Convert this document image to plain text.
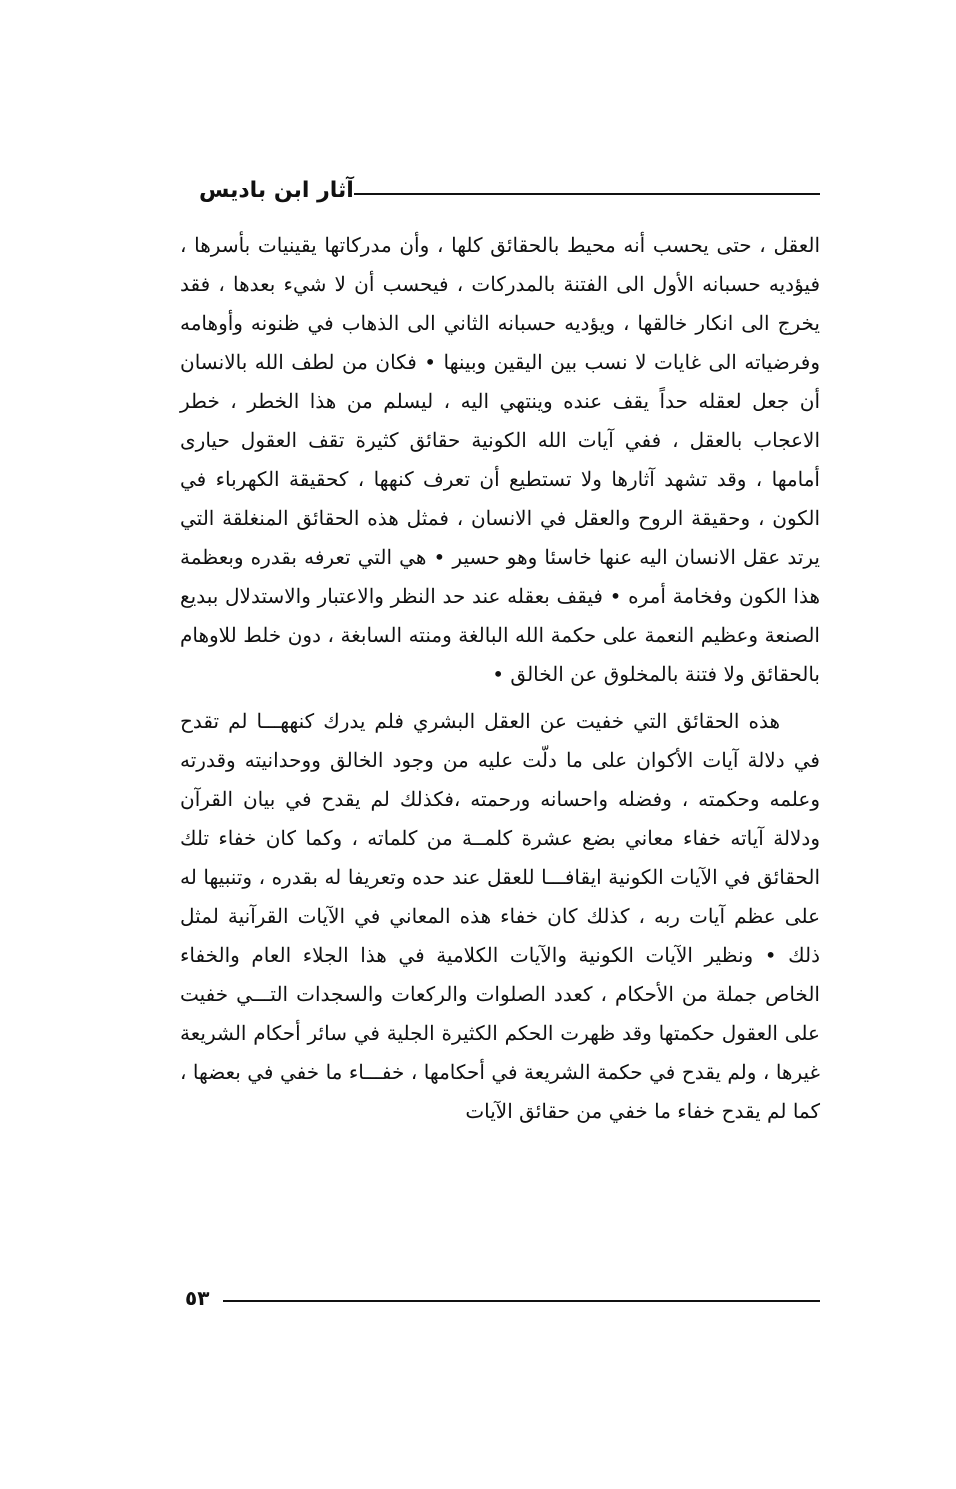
آثار ابن باديس

العقل ، حتى يحسب أنه محيط بالحقائق كلها ، وأن مدركاتها يقينيات بأسرها ، فيؤديه حسبانه الأول الى الفتنة بالمدركات ، فيحسب أن لا شيء بعدها ، فقد يخرج الى انكار خالقها ، ويؤديه حسبانه الثاني الى الذهاب في ظنونه وأوهامه وفرضياته الى غايات لا نسب بين اليقين وبينها • فكان من لطف الله بالانسان أن جعل لعقله حداً يقف عنده وينتهي اليه ، ليسلم من هذا الخطر ، خطر الاعجاب بالعقل ، ففي آيات الله الكونية حقائق كثيرة تقف العقول حيارى أمامها ، وقد تشهد آثارها ولا تستطيع أن تعرف كنهها ، كحقيقة الكهرباء في الكون ، وحقيقة الروح والعقل في الانسان ، فمثل هذه الحقائق المنغلقة التي يرتد عقل الانسان اليه عنها خاسئا وهو حسير • هي التي تعرفه بقدره وبعظمة هذا الكون وفخامة أمره • فيقف بعقله عند حد النظر والاعتبار والاستدلال ببديع الصنعة وعظيم النعمة على حكمة الله البالغة ومنته السابغة ، دون خلط للاوهام بالحقائق ولا فتنة بالمخلوق عن الخالق •

هذه الحقائق التي خفيت عن العقل البشري فلم يدرك كنههـــا لم تقدح في دلالة آيات الأكوان على ما دلّت عليه من وجود الخالق ووحدانيته وقدرته وعلمه وحكمته ، وفضله واحسانه ورحمته ،فكذلك لم يقدح في بيان القرآن ودلالة آياته خفاء معاني بضع عشرة كلمــة من كلماته ، وكما كان خفاء تلك الحقائق في الآيات الكونية ايقافـــا للعقل عند حده وتعريفا له بقدره ، وتنبيها له على عظم آيات ربه ، كذلك كان خفاء هذه المعاني في الآيات القرآنية لمثل ذلك • ونظير الآيات الكونية والآيات الكلامية في هذا الجلاء العام والخفاء الخاص جملة من الأحكام ، كعدد الصلوات والركعات والسجدات التـــي خفيت على العقول حكمتها وقد ظهرت الحكم الكثيرة الجلية في سائر أحكام الشريعة غيرها ، ولم يقدح في حكمة الشريعة في أحكامها ، خفـــاء ما خفي في بعضها ، كما لم يقدح خفاء ما خفي من حقائق الآيات

٥٣
